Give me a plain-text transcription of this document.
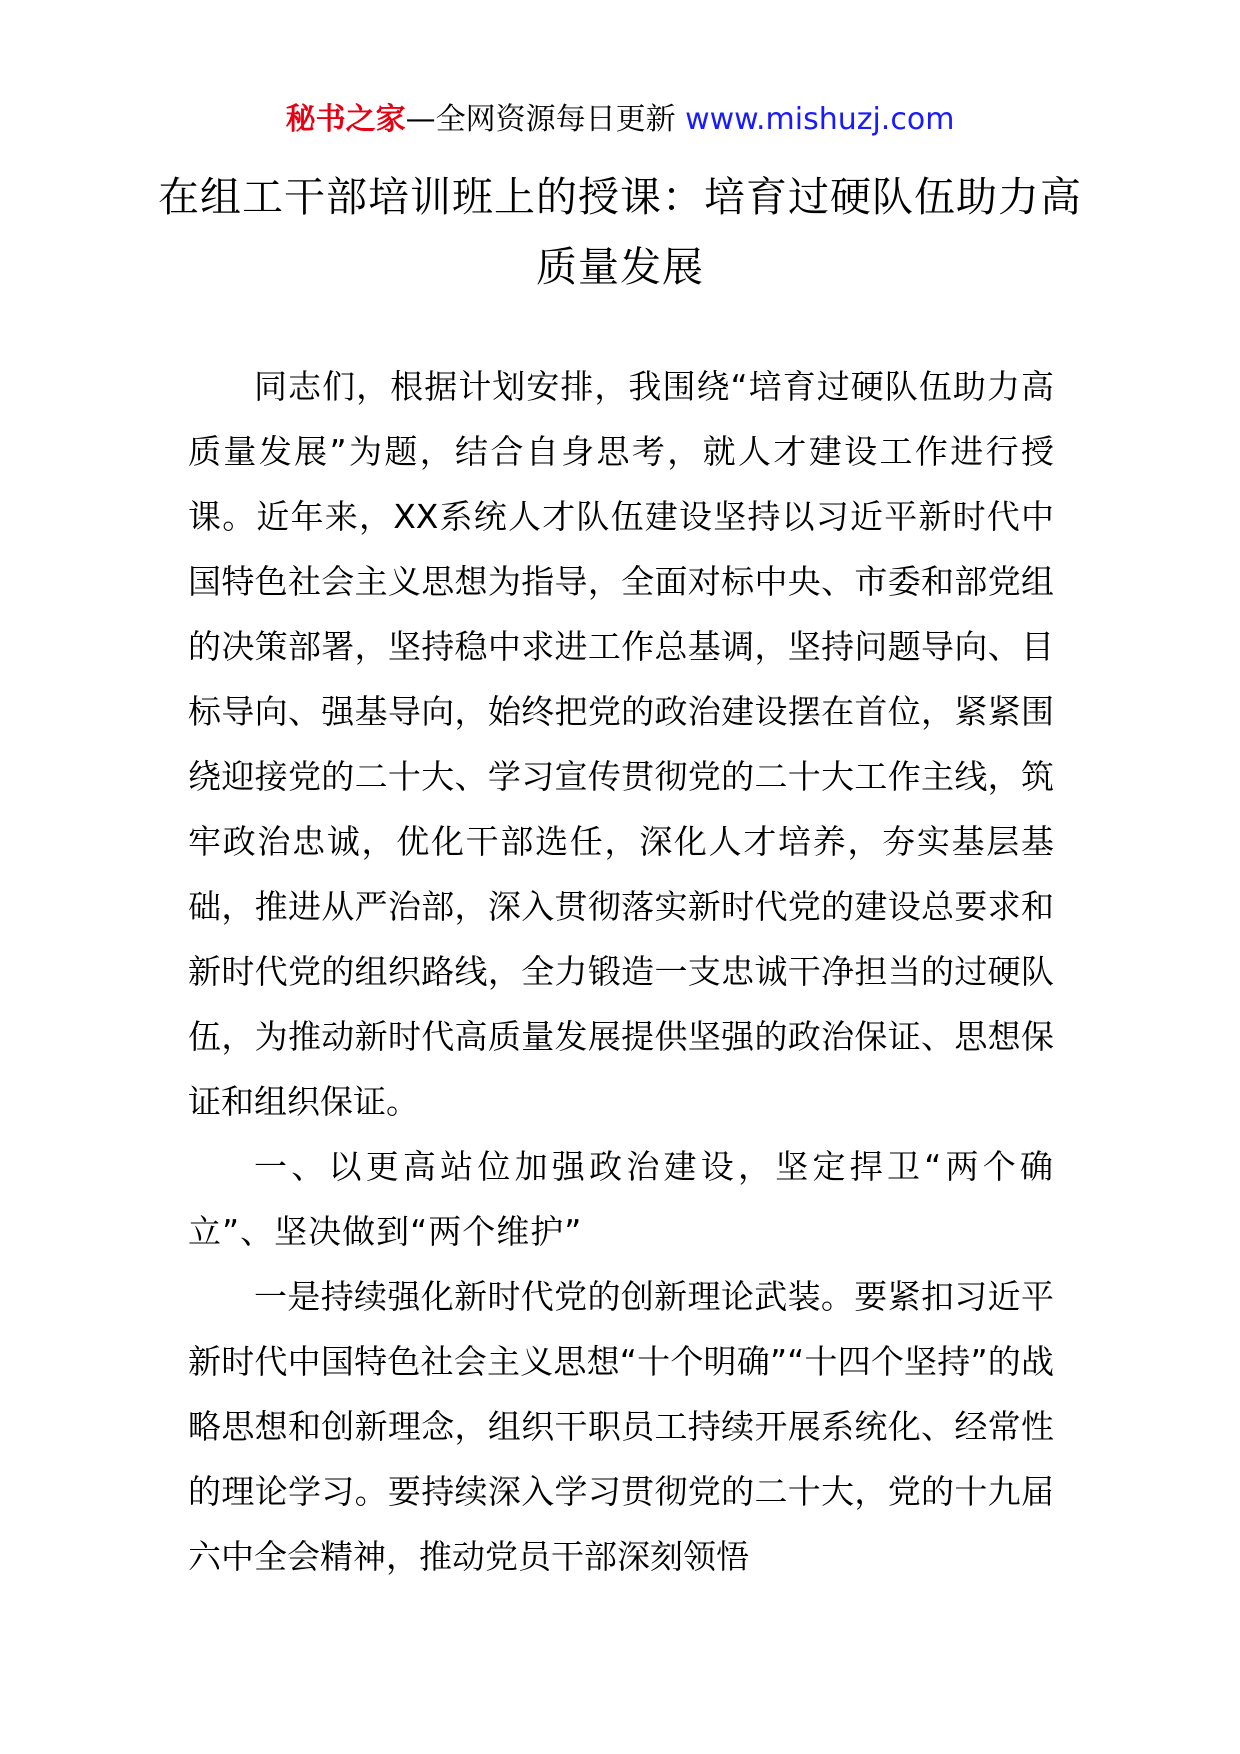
秘书之家—全网资源每日更新 www.mishuzj.com
在组工干部培训班上的授课：培育过硬队伍助力高质量发展

同志们，根据计划安排，我围绕“培育过硬队伍助力高质量发展”为题，结合自身思考，就人才建设工作进行授课。近年来，XX系统人才队伍建设坚持以习近平新时代中国特色社会主义思想为指导，全面对标中央、市委和部党组的决策部署，坚持稳中求进工作总基调，坚持问题导向、目标导向、强基导向，始终把党的政治建设摆在首位，紧紧围绕迎接党的二十大、学习宣传贯彻党的二十大工作主线，筑牢政治忠诚，优化干部选任，深化人才培养，夯实基层基础，推进从严治部，深入贯彻落实新时代党的建设总要求和新时代党的组织路线，全力锻造一支忠诚干净担当的过硬队伍，为推动新时代高质量发展提供坚强的政治保证、思想保证和组织保证。

一、以更高站位加强政治建设，坚定捍卫“两个确立”、坚决做到“两个维护”

一是持续强化新时代党的创新理论武装。要紧扣习近平新时代中国特色社会主义思想“十个明确”“十四个坚持”的战略思想和创新理念，组织干职员工持续开展系统化、经常性的理论学习。要持续深入学习贯彻党的二十大，党的十九届六中全会精神，推动党员干部深刻领悟
